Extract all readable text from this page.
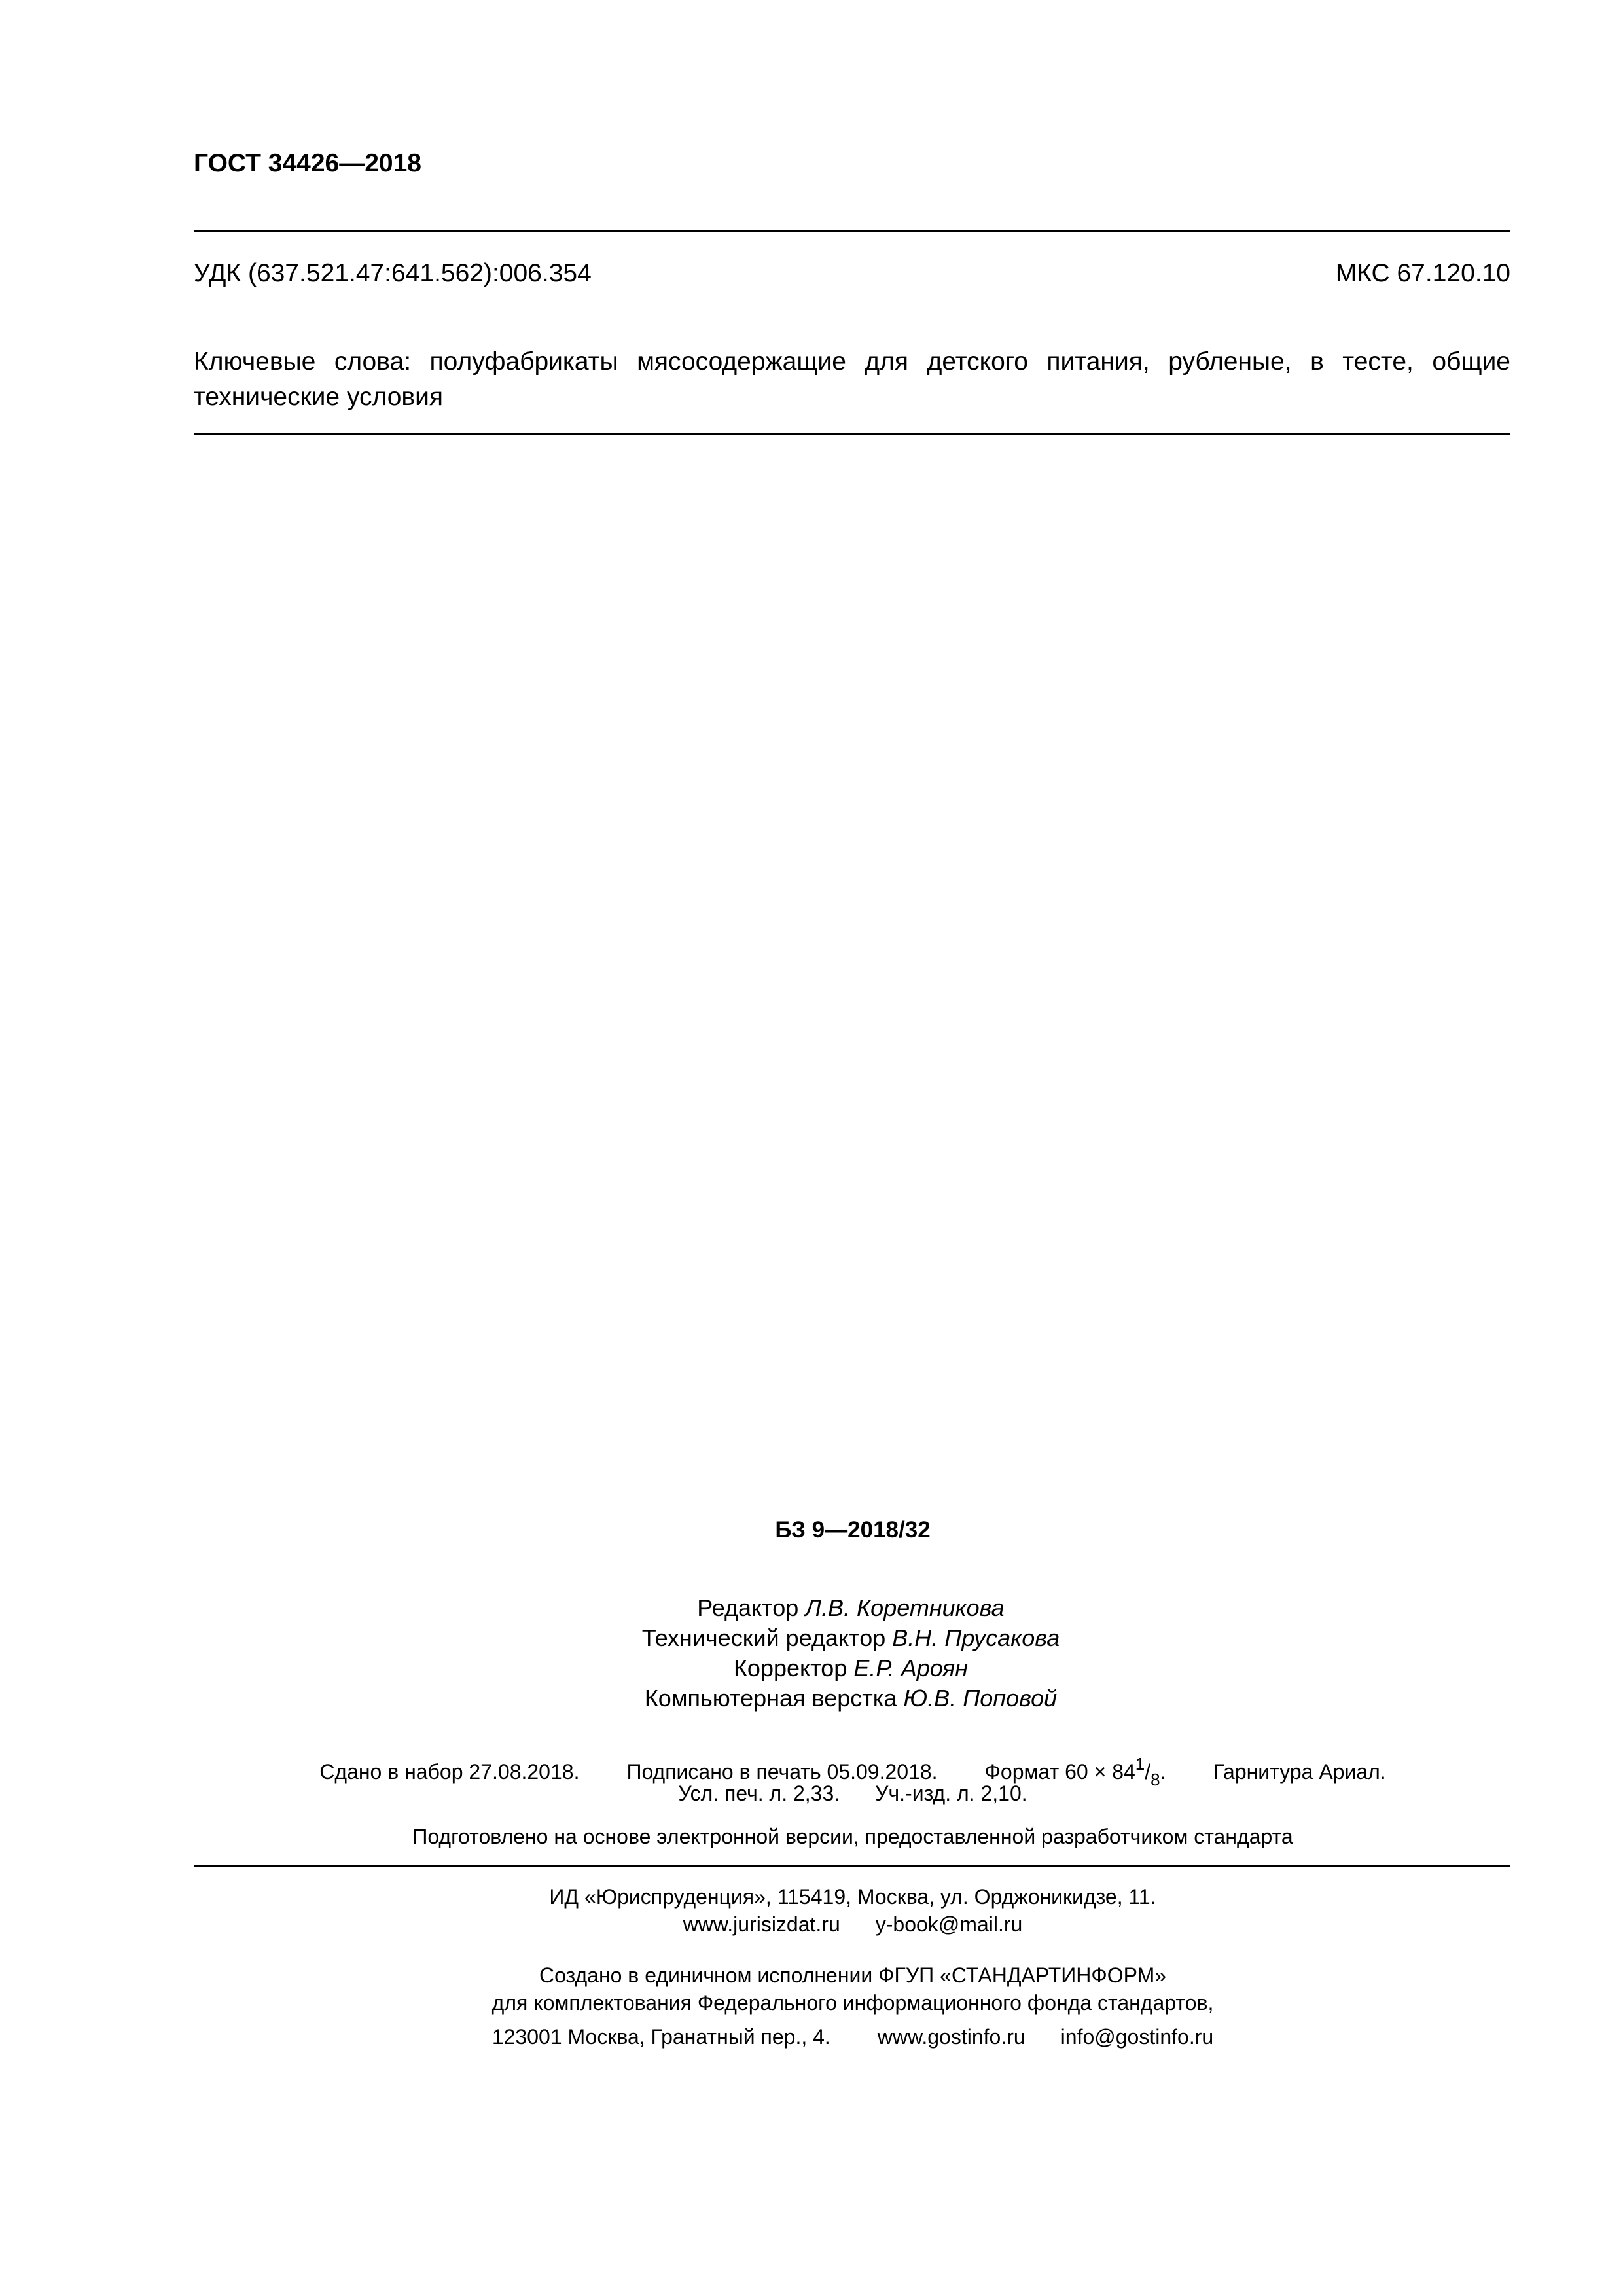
ГОСТ 34426—2018
УДК (637.521.47:641.562):006.354	МКС 67.120.10
Ключевые слова: полуфабрикаты мясосодержащие для детского питания, рубленые, в тесте, общие
технические условия
БЗ 9—2018/32
Редактор Л.В. Коретникова
Технический редактор В.Н. Прусакова
Корректор Е.Р. Ароян
Компьютерная верстка Ю.В. Поповой
Сдано в набор 27.08.2018. Подписано в печать 05.09.2018. Формат $60 \times 84^1/_8$. Гарнитура Ариал.
Усл. печ. л. 2,33. Уч.-изд. л. 2,10.
Подготовлено на основе электронной версии, предоставленной разработчиком стандарта
ИД «Юриспруденция», 115419, Москва, ул. Орджоникидзе, 11.
www.jurisizdat.ru y-book@mail.ru
Создано в единичном исполнении ФГУП «СТАНДАРТИНФОРМ»
для комплектования Федерального информационного фонда стандартов,
123001 Москва, Гранатный пер., 4. www.gostinfo.ru info@gostinfo.ru
